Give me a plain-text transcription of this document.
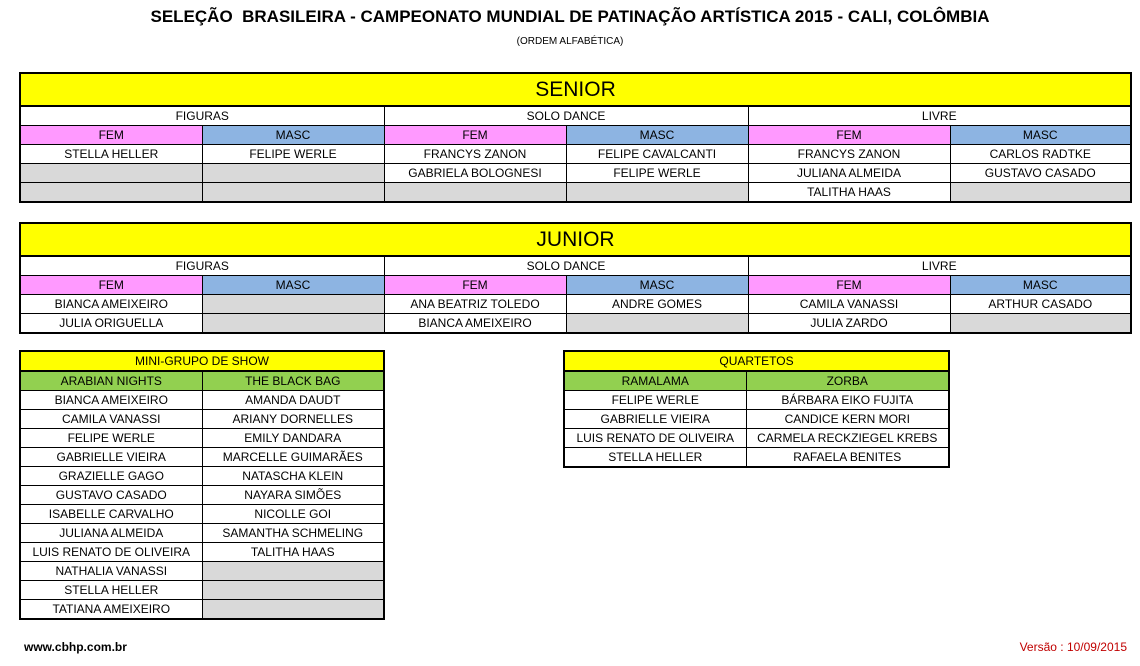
SELEÇÃO  BRASILEIRA - CAMPEONATO MUNDIAL DE PATINAÇÃO ARTÍSTICA 2015 - CALI, COLÔMBIA
(ORDEM ALFABÉTICA)
SENIOR					
FIGURAS		SOLO DANCE		LIVRE	
FEM	MASC	FEM	MASC	FEM	MASC
STELLA HELLER	FELIPE WERLE	FRANCYS ZANON	FELIPE CAVALCANTI	FRANCYS ZANON	CARLOS RADTKE
		GABRIELA BOLOGNESI	FELIPE WERLE	JULIANA ALMEIDA	GUSTAVO CASADO
				TALITHA HAAS	
JUNIOR					
FIGURAS		SOLO DANCE		LIVRE	
FEM	MASC	FEM	MASC	FEM	MASC
BIANCA AMEIXEIRO		ANA BEATRIZ TOLEDO	ANDRE GOMES	CAMILA VANASSI	ARTHUR CASADO
JULIA ORIGUELLA		BIANCA AMEIXEIRO		JULIA ZARDO	
MINI-GRUPO DE SHOW	
ARABIAN NIGHTS	THE BLACK BAG
BIANCA AMEIXEIRO	AMANDA DAUDT
CAMILA VANASSI	ARIANY DORNELLES
FELIPE WERLE	EMILY DANDARA
GABRIELLE VIEIRA	MARCELLE GUIMARÃES
GRAZIELLE GAGO	NATASCHA KLEIN
GUSTAVO CASADO	NAYARA SIMÕES
ISABELLE CARVALHO	NICOLLE GOI
JULIANA ALMEIDA	SAMANTHA SCHMELING
LUIS RENATO DE OLIVEIRA	TALITHA HAAS
NATHALIA VANASSI	
STELLA HELLER	
TATIANA AMEIXEIRO	
QUARTETOS	
RAMALAMA	ZORBA
FELIPE WERLE	BÁRBARA EIKO FUJITA
GABRIELLE VIEIRA	CANDICE KERN MORI
LUIS RENATO DE OLIVEIRA	CARMELA RECKZIEGEL KREBS
STELLA HELLER	RAFAELA BENITES
www.cbhp.com.br	Versão : 10/09/2015
